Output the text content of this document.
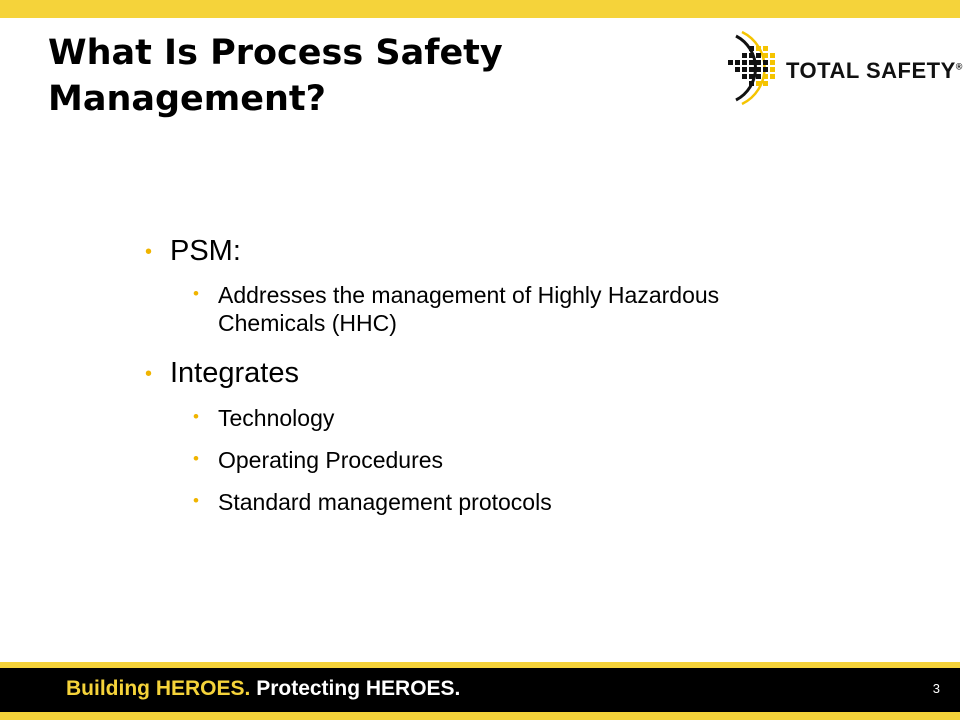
What Is Process Safety Management?
TOTAL SAFETY®
• PSM:
• Addresses the management of Highly Hazardous Chemicals (HHC)
• Integrates
• Technology
• Operating Procedures
• Standard management protocols
Building HEROES. Protecting HEROES.	3
